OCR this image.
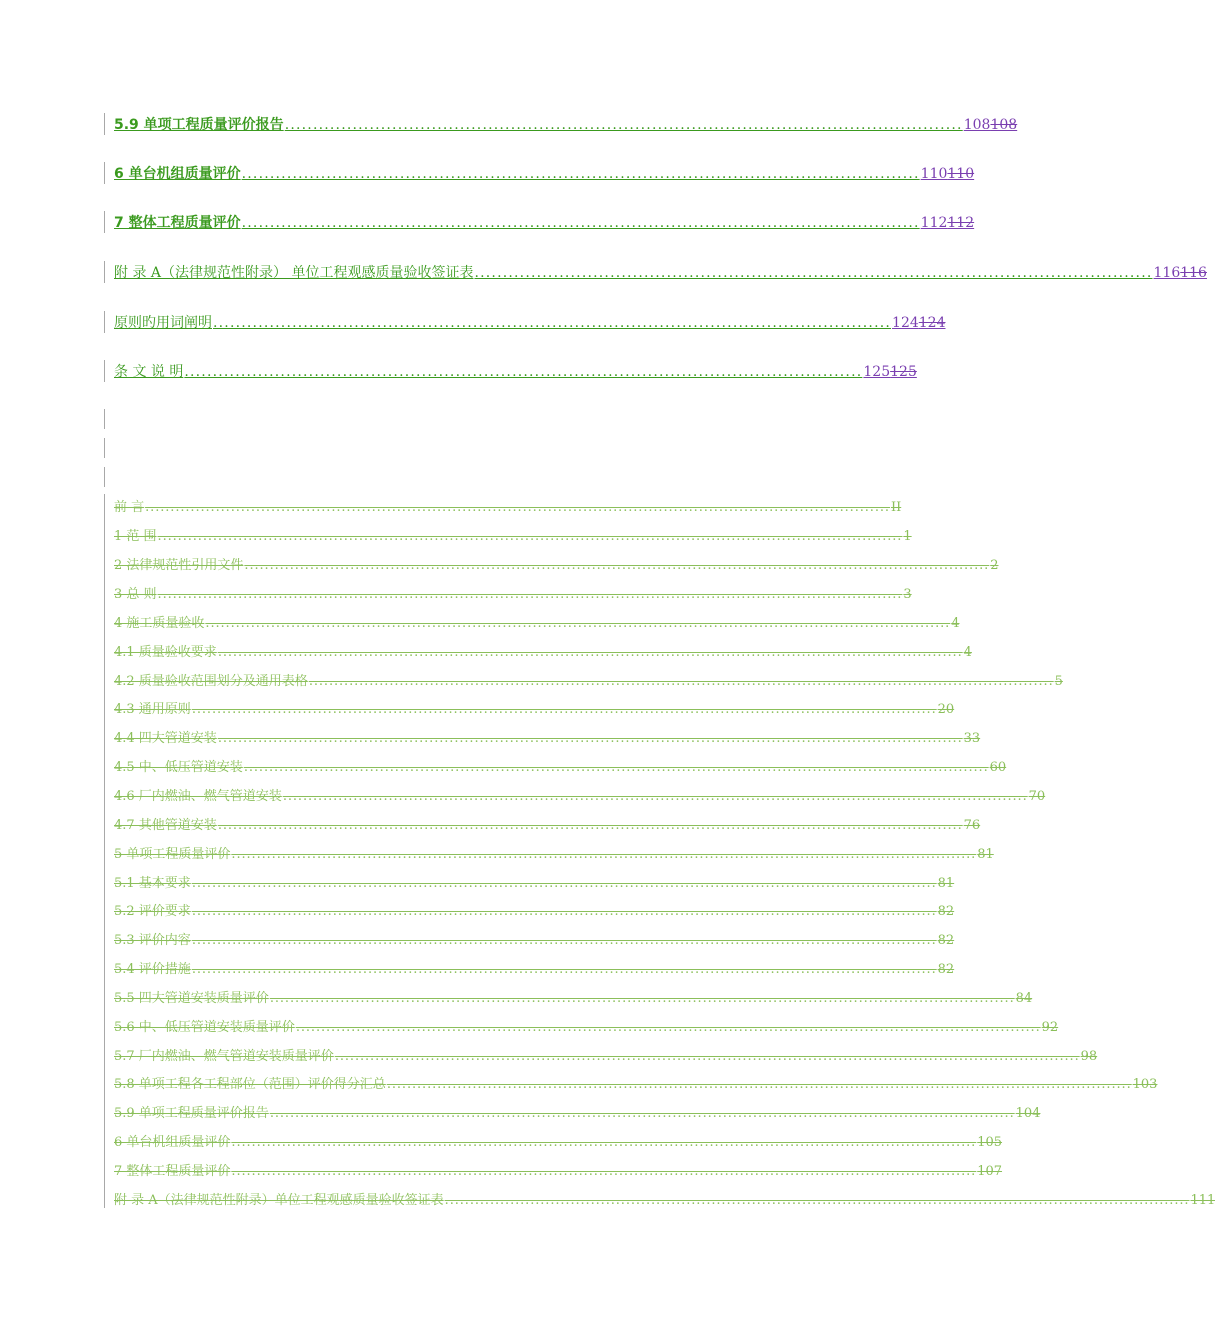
5.9 单项工程质量评价报告 ........................................................................................................................ 108108
6 单台机组质量评价 ........................................................................................................................ 110110
7 整体工程质量评价 ........................................................................................................................ 112112
附 录 A（法律规范性附录） 单位工程观感质量验收签证表 ........................................................................................................................ 116116
原则旳用词阐明 ........................................................................................................................ 124124
条 文 说 明 ........................................................................................................................ 125125
前 言 .................................................................................................................................................... II
1 范 围 .................................................................................................................................................... 1
2 法律规范性引用文件 .................................................................................................................................................... 2
3 总 则 .................................................................................................................................................... 3
4 施工质量验收 .................................................................................................................................................... 4
4.1 质量验收要求 .................................................................................................................................................... 4
4.2 质量验收范围划分及通用表格 .................................................................................................................................................... 5
4.3 通用原则 .................................................................................................................................................... 20
4.4 四大管道安装 .................................................................................................................................................... 33
4.5 中、低压管道安装 .................................................................................................................................................... 60
4.6 厂内燃油、燃气管道安装 .................................................................................................................................................... 70
4.7 其他管道安装 .................................................................................................................................................... 76
5 单项工程质量评价 .................................................................................................................................................... 81
5.1 基本要求 .................................................................................................................................................... 81
5.2 评价要求 .................................................................................................................................................... 82
5.3 评价内容 .................................................................................................................................................... 82
5.4 评价措施 .................................................................................................................................................... 82
5.5 四大管道安装质量评价 .................................................................................................................................................... 84
5.6 中、低压管道安装质量评价 .................................................................................................................................................... 92
5.7 厂内燃油、燃气管道安装质量评价 .................................................................................................................................................... 98
5.8 单项工程各工程部位（范围）评价得分汇总 .................................................................................................................................................... 103
5.9 单项工程质量评价报告 .................................................................................................................................................... 104
6 单台机组质量评价 .................................................................................................................................................... 105
7 整体工程质量评价 .................................................................................................................................................... 107
附 录 A（法律规范性附录）单位工程观感质量验收签证表 .................................................................................................................................................... 111
